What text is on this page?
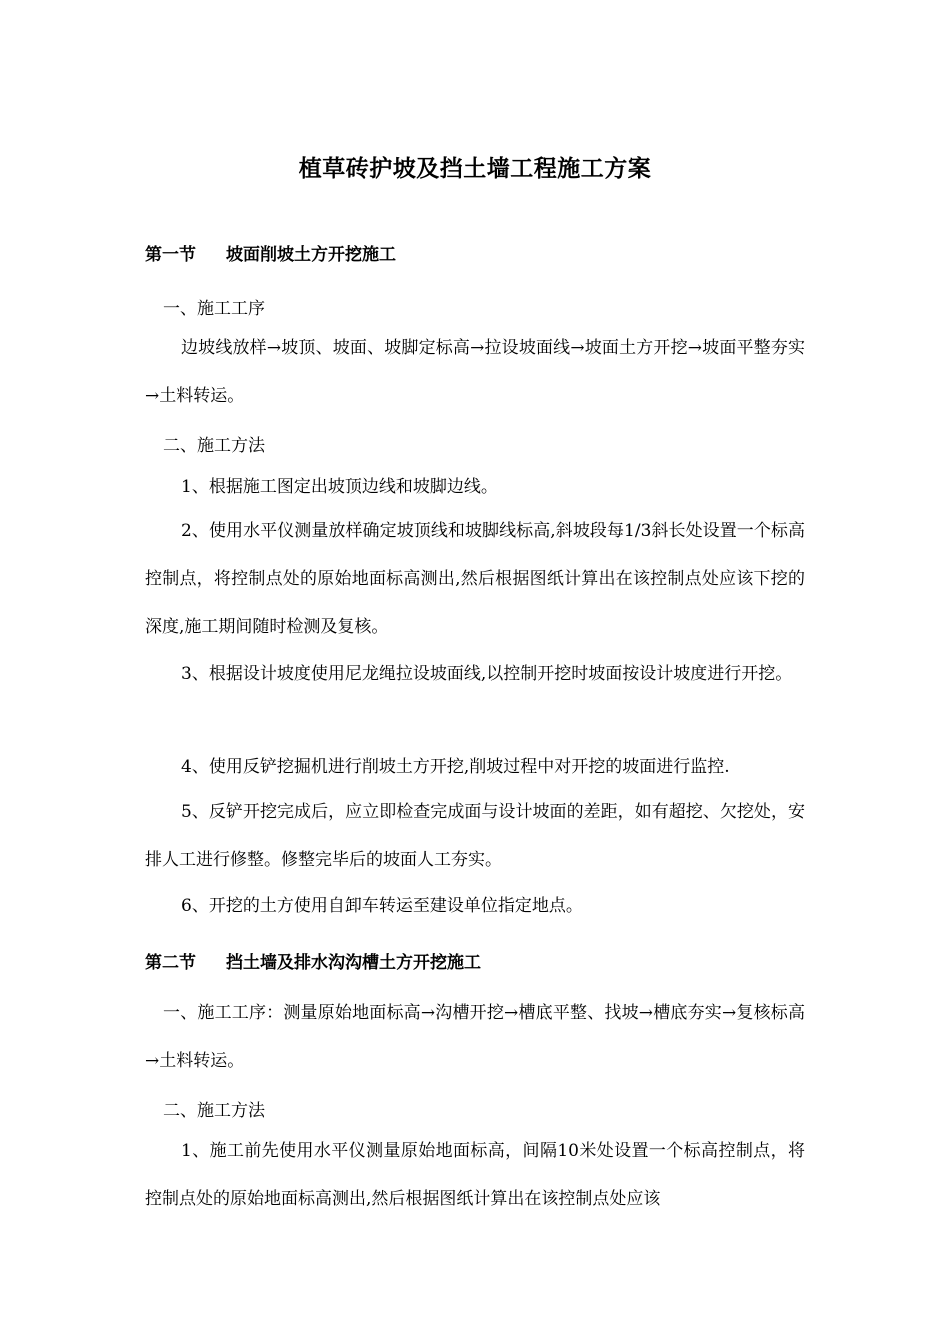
植草砖护坡及挡土墙工程施工方案
第一节 坡面削坡土方开挖施工
一、施工工序
边坡线放样→坡顶、坡面、坡脚定标高→拉设坡面线→坡面土方开挖→坡面平整夯实→土料转运。
二、施工方法
1、根据施工图定出坡顶边线和坡脚边线。
2、使用水平仪测量放样确定坡顶线和坡脚线标高,斜坡段每1/3斜长处设置一个标高控制点，将控制点处的原始地面标高测出,然后根据图纸计算出在该控制点处应该下挖的深度,施工期间随时检测及复核。
3、根据设计坡度使用尼龙绳拉设坡面线,以控制开挖时坡面按设计坡度进行开挖。
4、使用反铲挖掘机进行削坡土方开挖,削坡过程中对开挖的坡面进行监控.
5、反铲开挖完成后，应立即检查完成面与设计坡面的差距，如有超挖、欠挖处，安排人工进行修整。修整完毕后的坡面人工夯实。
6、开挖的土方使用自卸车转运至建设单位指定地点。
第二节 挡土墙及排水沟沟槽土方开挖施工
一、施工工序：测量原始地面标高→沟槽开挖→槽底平整、找坡→槽底夯实→复核标高→土料转运。
二、施工方法
1、施工前先使用水平仪测量原始地面标高，间隔10米处设置一个标高控制点，将控制点处的原始地面标高测出,然后根据图纸计算出在该控制点处应该
